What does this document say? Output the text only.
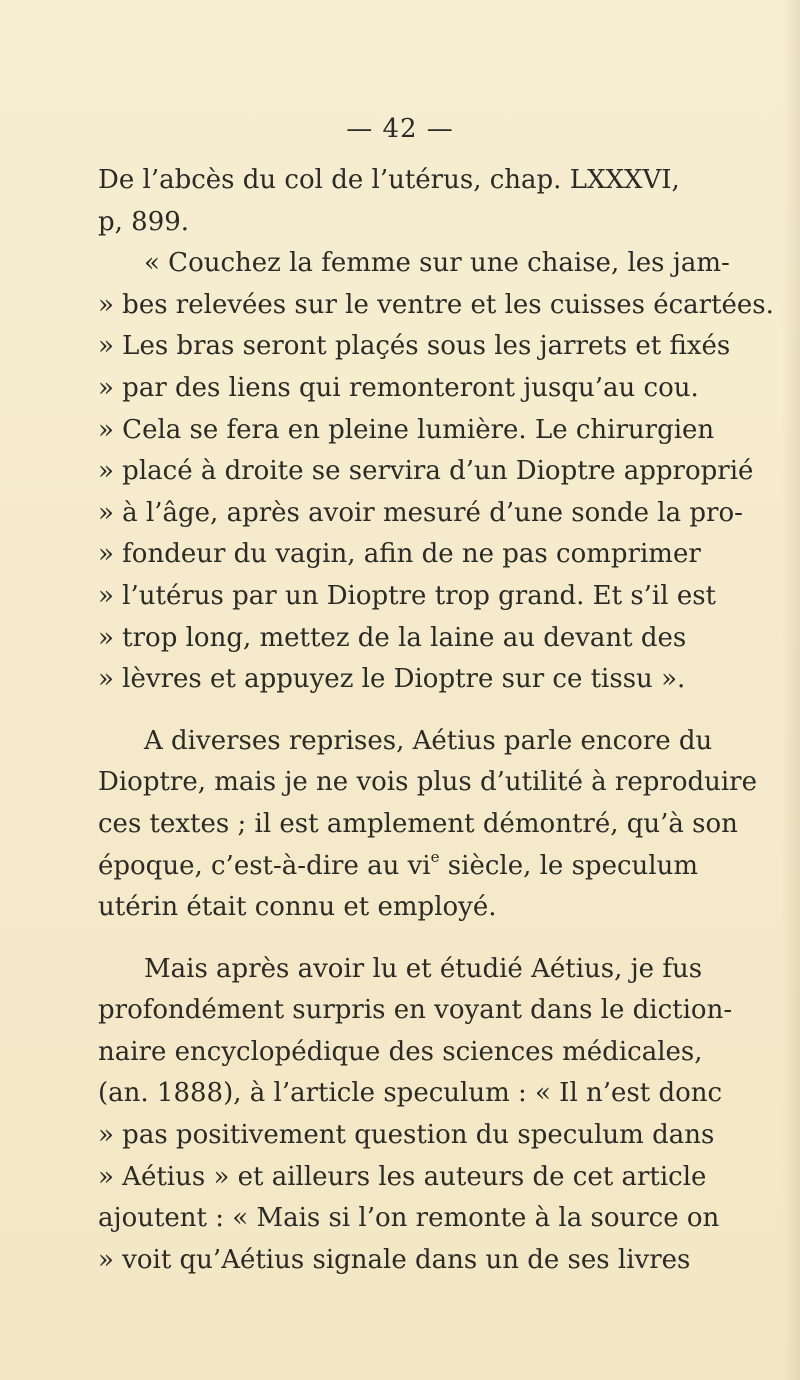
— 42 —
De l’abcès du col de l’utérus, chap. LXXXVI,
p, 899.
« Couchez la femme sur une chaise, les jam-
» bes relevées sur le ventre et les cuisses écartées.
» Les bras seront plaçés sous les jarrets et fixés
» par des liens qui remonteront jusqu’au cou.
» Cela se fera en pleine lumière. Le chirurgien
» placé à droite se servira d’un Dioptre approprié
» à l’âge, après avoir mesuré d’une sonde la pro-
» fondeur du vagin, afin de ne pas comprimer
» l’utérus par un Dioptre trop grand. Et s’il est
» trop long, mettez de la laine au devant des
» lèvres et appuyez le Dioptre sur ce tissu ».
A diverses reprises, Aétius parle encore du
Dioptre, mais je ne vois plus d’utilité à reproduire
ces textes ; il est amplement démontré, qu’à son
époque, c’est-à-dire au $vi^e$ siècle, le speculum
utérin était connu et employé.
Mais après avoir lu et étudié Aétius, je fus
profondément surpris en voyant dans le diction-
naire encyclopédique des sciences médicales,
(an. 1888), à l’article speculum : « Il n’est donc
» pas positivement question du speculum dans
» Aétius » et ailleurs les auteurs de cet article
ajoutent : « Mais si l’on remonte à la source on
» voit qu’Aétius signale dans un de ses livres
